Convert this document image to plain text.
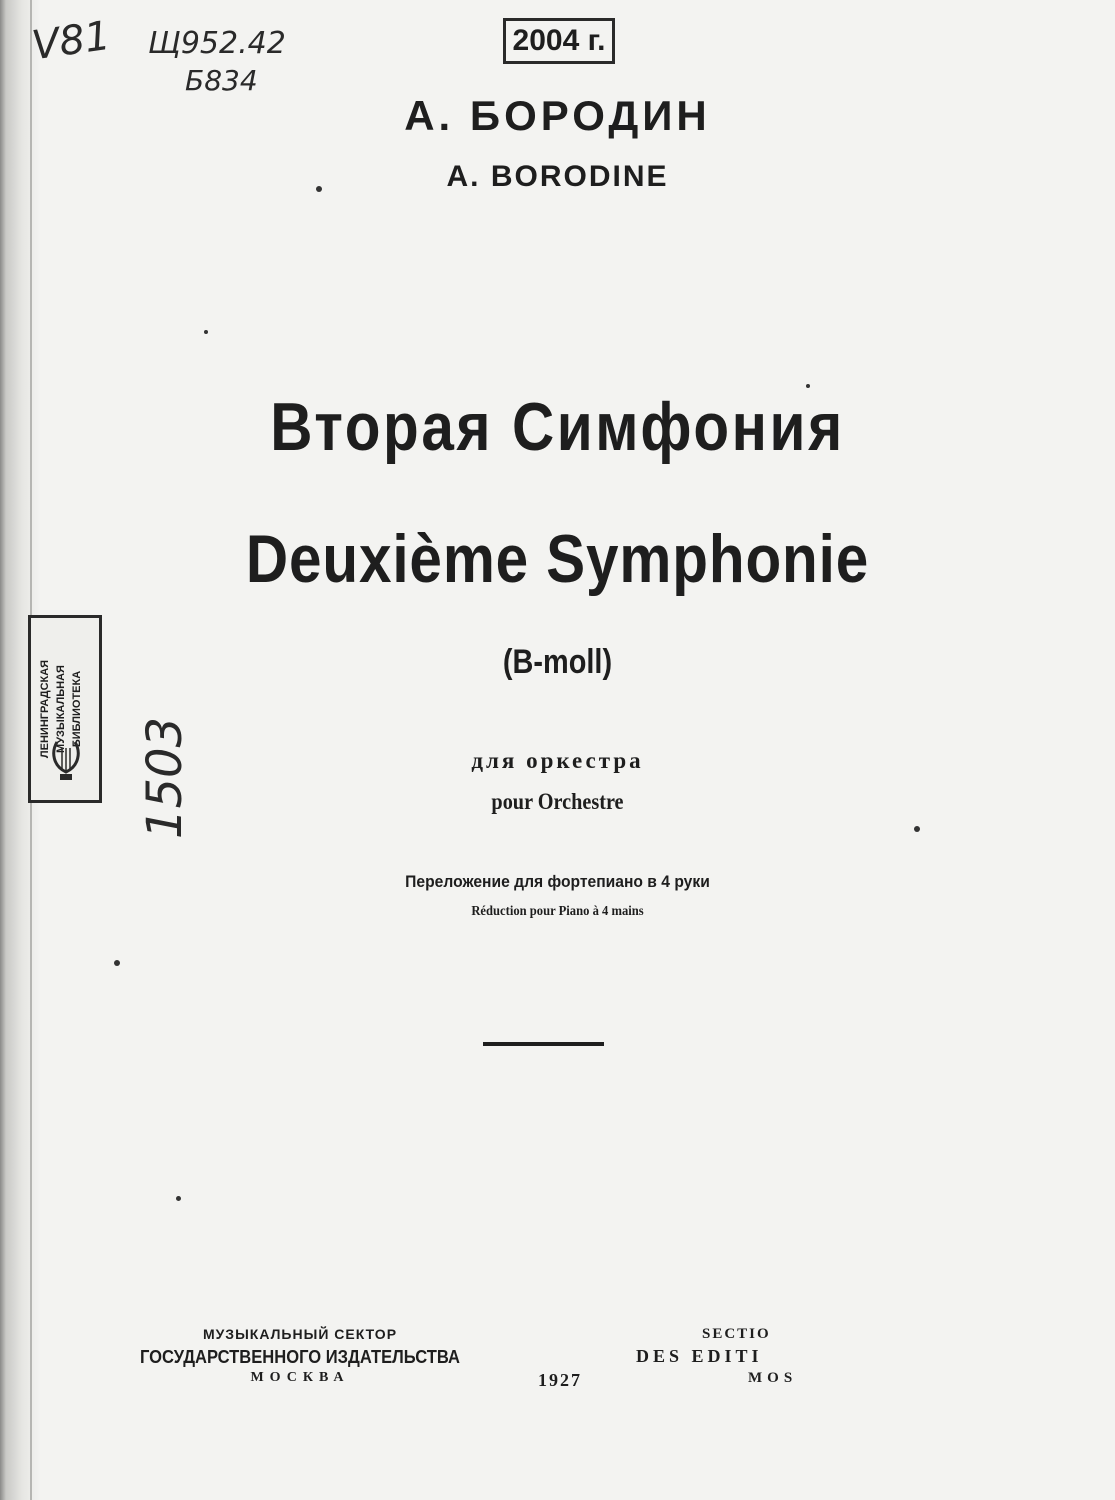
V81 Щ952.42
Б834
2004 г.
А. БОРОДИН
A. BORODINE
Вторая Симфония
Deuxième Symphonie
(B-moll)
ЛЕНИНГРАДСКАЯ МУЗЫКАЛЬНАЯ БИБЛИОТЕКА
1503	для оркестра
pour Orchestre
Переложение для фортепиано в 4 руки
Réduction pour Piano à 4 mains
МУЗЫКАЛЬНЫЙ СЕКТОР
ГОСУДАРСТВЕННОГО ИЗДАТЕЛЬСТВА
МОСКВА	1927
SECTIO
DES EDITI
MOS
